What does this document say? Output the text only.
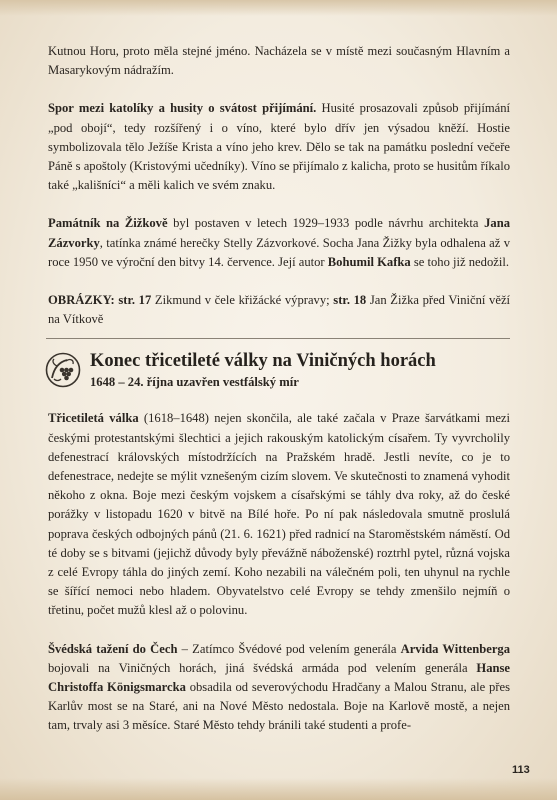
Kutnou Horu, proto měla stejné jméno. Nacházela se v místě mezi současným Hlavním a Masarykovým nádražím.

Spor mezi katolíky a husity o svátost přijímání. Husité prosazovali způsob přijímání „pod obojí“, tedy rozšířený i o víno, které bylo dřív jen výsadou kněží. Hostie symbolizovala tělo Ježíše Krista a víno jeho krev. Dělo se tak na památku poslední večeře Páně s apoštoly (Kristovými učedníky). Víno se přijímalo z kalicha, proto se husitům říkalo také „kališníci“ a měli kalich ve svém znaku.

Památník na Žižkově byl postaven v letech 1929–1933 podle návrhu architekta Jana Zázvorky, tatínka známé herečky Stelly Zázvorkové. Socha Jana Žižky byla odhalena až v roce 1950 ve výroční den bitvy 14. července. Její autor Bohumil Kafka se toho již nedožil.

OBRÁZKY: str. 17 Zikmund v čele křižácké výpravy; str. 18 Jan Žižka před Viniční věží na Vítkově

Konec třicetileté války na Viničných horách
1648 – 24. října uzavřen vestfálský mír

Třicetiletá válka (1618–1648) nejen skončila, ale také začala v Praze šarvátkami mezi českými protestantskými šlechtici a jejich rakouským katolickým císařem. Ty vyvrcholily defenestrací královských místodržících na Pražském hradě. Jestli nevíte, co je to defenestrace, nedejte se mýlit vznešeným cizím slovem. Ve skutečnosti to znamená vyhodit někoho z okna. Boje mezi českým vojskem a císařskými se táhly dva roky, až do české porážky v listopadu 1620 v bitvě na Bílé hoře. Po ní pak následovala smutně proslulá poprava českých odbojných pánů (21. 6. 1621) před radnicí na Staroměstském náměstí. Od té doby se s bitvami (jejichž důvody byly převážně náboženské) roztrhl pytel, různá vojska z celé Evropy táhla do jiných zemí. Koho nezabili na válečném poli, ten uhynul na rychle se šířící nemoci nebo hladem. Obyvatelstvo celé Evropy se tehdy zmenšilo nejmíň o třetinu, počet mužů klesl až o polovinu.

Švédská tažení do Čech – Zatímco Švédové pod velením generála Arvida Wittenberga bojovali na Viničných horách, jiná švédská armáda pod velením generála Hanse Christoffa Königsmarcka obsadila od severovýchodu Hradčany a Malou Stranu, ale přes Karlův most se na Staré, ani na Nové Město nedostala. Boje na Karlově mostě, a nejen tam, trvaly asi 3 měsíce. Staré Město tehdy bránili také studenti a profe-

113
